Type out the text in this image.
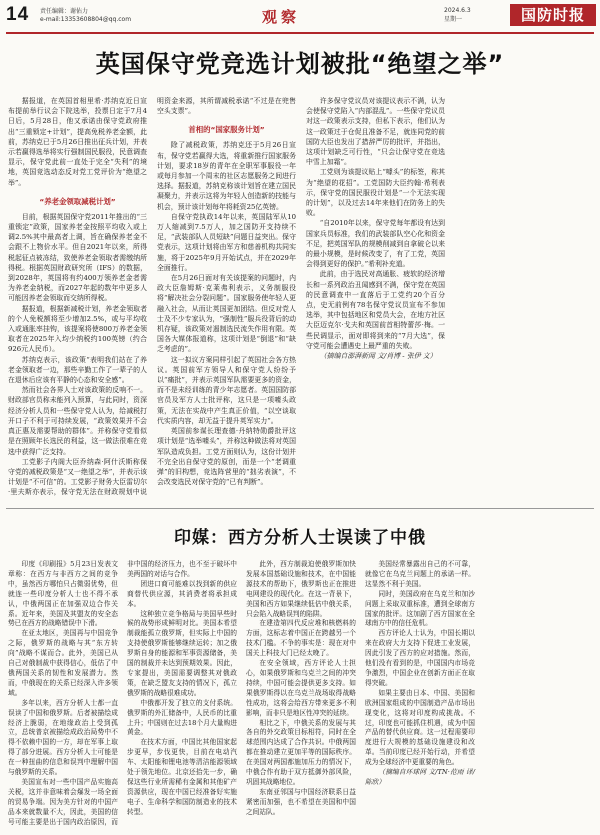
14 责任编辑：谢佑力
e-mail:13353608804@qq.com	观察	2024.6.3
星期一	国防时报
英国保守党竞选计划被批“绝望之举”

据报道，在英国首相里希·苏纳克近日宣布提前举行议会下院选举，投票日定于7月4日后，5月28日，他又承诺由保守党政府推出“三重锁定+计划”，提高免税养老金额，此前，苏纳克已于5月26日推出征兵计划，并表示若赢得选举将实行强制国民服役，民意调查显示，保守党此前一直处于完全“失利”的境地，英国竞选动态反对党工党评价为“绝望之举”。

“养老金领取减税计划”

目前，根据英国保守党2011年推出的“三重锁定”政策，国家养老金按照平均收入或上调2.5%其中最高者上调，旨在确保养老金不会跟不上物价水平。但自2021年以来，所得税起征点被冻结，致使养老金领取者需缴纳所得税。根据英国财政研究所（IFS）的数据，到2028年，英国将有约400万领养老金者需为养老金纳税，而2027年起的数年中更多人可能因养老金领取而交纳所得税。

据报道，根据新减税计划，养老金领取者的个人免税额将至少增加2.5%，或与平均收入或通胀率挂钩，该提案将使800万养老金领取者在2025年入均少纳税约100英镑（约合926元人民币）。

苏纳克表示，该政策“表明我们站在了养老金领取者一边，那些辛勤工作了一辈子的人在退休后应该有平静的心态和安全感”。

然而社会各界人士对该政策的反响不一。财政部官员称未能列入预算，与此同时，资深经济分析人员和一些保守党人认为，给减税打开口子不利于可持续发展，“政策效果并不会真正惠及需要帮助的群体”。并称保守党看似是在照顾年长选民的利益，这一做法很难在竞选中获得广泛支持。

工党影子内阁大臣乔纳森·阿什沃斯称保守党的减税政策是“又一绝望之举”，并表示该计划是“不可信”的。工党影子财务大臣雷切尔·里夫斯亦表示，保守党无法在财政规划中说明资金来源，其所谓减税承诺“不过是在兜售空头支票”。

首相的“国家服务计划”

除了减税政策，苏纳克还于5月26日宣布，保守党若赢得大选，将重新推行国家服务计划，要求18岁的青年在全职军事服役一年或每月参加一个周末的社区志愿服务之间进行选择。据报道，苏纳克称该计划旨在建立国民凝聚力，并表示这将为年轻人创造新的技能与机会，预计该计划每年将耗资25亿英镑。

自保守党执政14年以来，英国陆军从10万人缩减到7.5万人，加之国防开支持续不足，“武装部队人员短缺”问题日益突出。保守党表示，这项计划将由军方和慈善机构共同实施，将于2025年9月开始试点，并在2029年全面推行。

在5月26日面对有关该提案的问题时，内政大臣詹姆斯·克莱弗利表示，义务制服役将“解决社会分裂问题”。国家服务使年轻人更融入社会，从而让英国更加团结。但反对党人士及不少专家认为，“强制性”服兵役背后的动机存疑，该政策对遏制选民流失作用有限。英国各大媒体报道称，这项计划是“倒退”和“缺乏考虑的”。

这一拟议方案同样引起了英国社会各方热议。英国前军方领导人和保守党人纷纷予以“痛批”，并表示英国军队需要更多的资金，而不是未经训练的青少年志愿者。英国国防部官员及军方人士批评称，这只是一项噱头政策，无法在实战中产生真正价值，“以空谈取代实质内容，却无益于提升英军实力”。

英国前参谋长理查德·丹纳特勋爵批评这项计划是“选举噱头”，并称这种做法将对英国军队造成负担。工党方面则认为，这份计划并不完全出自保守党的原创，而是一个“老调重弹”的旧构想，竞选阵营里的“拙劣表演”，不会改变选民对保守党的“已有判断”。

许多保守党议员对该提议表示不满，认为会使保守党陷入“内部混乱”。一些保守党议员对这一政策表示支持，但私下表示，他们认为这一政策过于仓促且准备不足，就连同党的前国防大臣也发出了措辞严厉的批评，并指出，这项计划缺乏可行性，“只会让保守党在竞选中雪上加霜”。

工党则为该提议贴上“噱头”的标签，称其为“绝望的花招”。工党国防大臣约翰·希利表示，保守党的国民服役计划是“一个无法实现的计划”，以及过去14年来他们在防务上的失败。

“自2010年以来，保守党每年都设有达到国家兵员标准，我们的武装部队空心化和资金不足，把英国军队的规模削减到自拿破仑以来的最小规模，是时候改变了，有了工党，英国会得到更好的保护。”希利补充道。

此前，由于选民对高通胀、疲软的经济增长和一系列政治丑闻感到不满，保守党在英国的民意调查中一直落后于工党约20个百分点，史无前例有78名保守党议员宣布不参加选举，其中包括地区和党员大会，在地方社区大臣迈克尔·戈夫和英国前首相特蕾莎·梅。一些民调显示，面对即将到来的“7月大选”，保守党可能会遭遇史上最严重的失败。

（摘编自澎湃新闻 文/肖博 - 张伊 文）

印媒：西方分析人士误读了中俄

印度《印刷报》5月23日发表文章称：在西方与非西方之间的竞争中，虽然西方哪怕只占微弱优势，但就连一些印度分析人士也不得不承认，中俄两国正在加强双边合作关系。近年来，美国及其盟友的安全态势已在西方的战略错误中下滑。

在亚太地区，美国再与中国竞争之际，俄罗斯的战略与其“东方转向”战略不谋而合。此外，美国已从自己对俄制裁中获得信心，低估了中俄两国关系的韧性和发展潜力。然而，中俄现在的关系已经深入许多领域。

多年以来，西方分析人士都一直误读了中国和俄罗斯。后者被描绘成经济上脆弱，在地缘政治上受到孤立，总统普京被描绘成政治局势中不得不依赖中国的一方，却在军事上取得了部分进展。西方分析人士可能是在一种扭曲的信息和误判中理解中国与俄罗斯的关系。

美国宣布对一些中国产品实施高关税，这并非意味着会爆发一场全面的贸易争端。因为美方针对的中国产品本来就数量不大，因此，美国的信号可能主要是出于国内政治原因，而非中国的经济压力，也不至于破坏中美两国的对话与合作。

团进口商可能难以找到新的供应商替代供应源，其消费者将承担成本。

这种独立竞争格局与美国早些时候的战势形成鲜明对比。美国本希望制裁能孤立俄罗斯，但实际上中国的支持使俄罗斯能够继续运转；加之俄罗斯自身的能源和军事资源储备，美国的制裁并未达到预期效果。因此，专家提出，美国需要调整其对俄政策，在缺乏盟友支持的情况下，孤立俄罗斯的战略很难成功。

中俄都开发了独立的支付系统。俄罗斯的外汇储备中，人民币的比重上升；中国则在过去18个月大量购进黄金。

在技术方面，中国比其他国家起步更早，步伐更快，目前在电动汽车、太阳能和锂电池等清洁能源领域处于领先地位。北京还拾先一步，确保这些行业所需稀有金属和其他矿产资源供应，现在中国已经准备好实施电子、生命科学和国防制造业的技术转型。

此外，西方制裁迫使俄罗斯加快发展本国基础设施和技术，在中国能源技术的帮助下，俄罗斯也正在推进电网建设的现代化。在这一背景下，美国和西方如果继续低估中俄关系，只会陷入战略误判的陷阱。

在建造第四代反应堆和核燃料的方面，这标志着中国正在跨越另一个技术门槛。不争的事实是：现在对中国关上科技大门已经太晚了。

在安全领域，西方评论人士担心，如果俄罗斯和乌克兰之间的冲突持续，中国可能会提供更多支持。如果俄罗斯得以在乌克兰战场取得战略性成功，这将会给西方带来更多不利影响，而非只是地区性冲突的延续。

相比之下，中俄关系的发展与其各自的外交政策目标相符，同时在全球范围内达成了合作共识。中俄两国都在推动建立更加平等的国际秩序。在美国对两国都施加压力的情况下，中俄合作有助于双方抵御外部风险，巩固其战略地位。

东南亚邻国与中国经济联系日益紧密而加强，也不希望在美国和中国之间站队。

美国经常暴露出自己的不可靠，就像它在乌克兰问题上的承诺一样。这显然不利于美国。

同时，美国政府在乌克兰和加沙问题上采取双重标准，遭到全球南方国家的批评。这加剧了西方国家在全球南方中的信任危机。

西方评论人士认为，中国长期以来在政府大力支持下促进工业发展，因此引发了西方的应对措施。然而，他们没有看到的是，中国国内市场竞争激烈，中国企业在创新方面正在取得突破。

如果主要由日本、中国、美国和欧洲国家组成的中国制造产品市场出现变化，这将对印度构成挑战。不过，印度也可能抓住机遇，成为中国产品的替代供应商。这一过程需要印度进行大规模的基础设施建设和改革。当前印度已经开始行动，并希望成为全球经济中更重要的角色。

（摘编自环球网 文/TN·范雨 译/陈欣）
